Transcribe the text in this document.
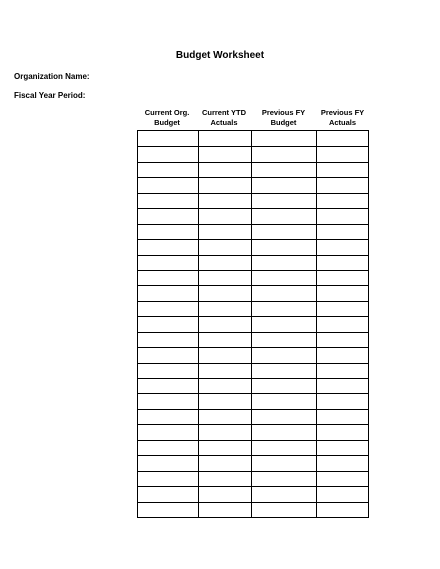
Budget Worksheet
Organization Name:
Fiscal Year Period:
Current Org.
Budget
Current YTD
Actuals
Previous FY
Budget
Previous FY
Actuals
